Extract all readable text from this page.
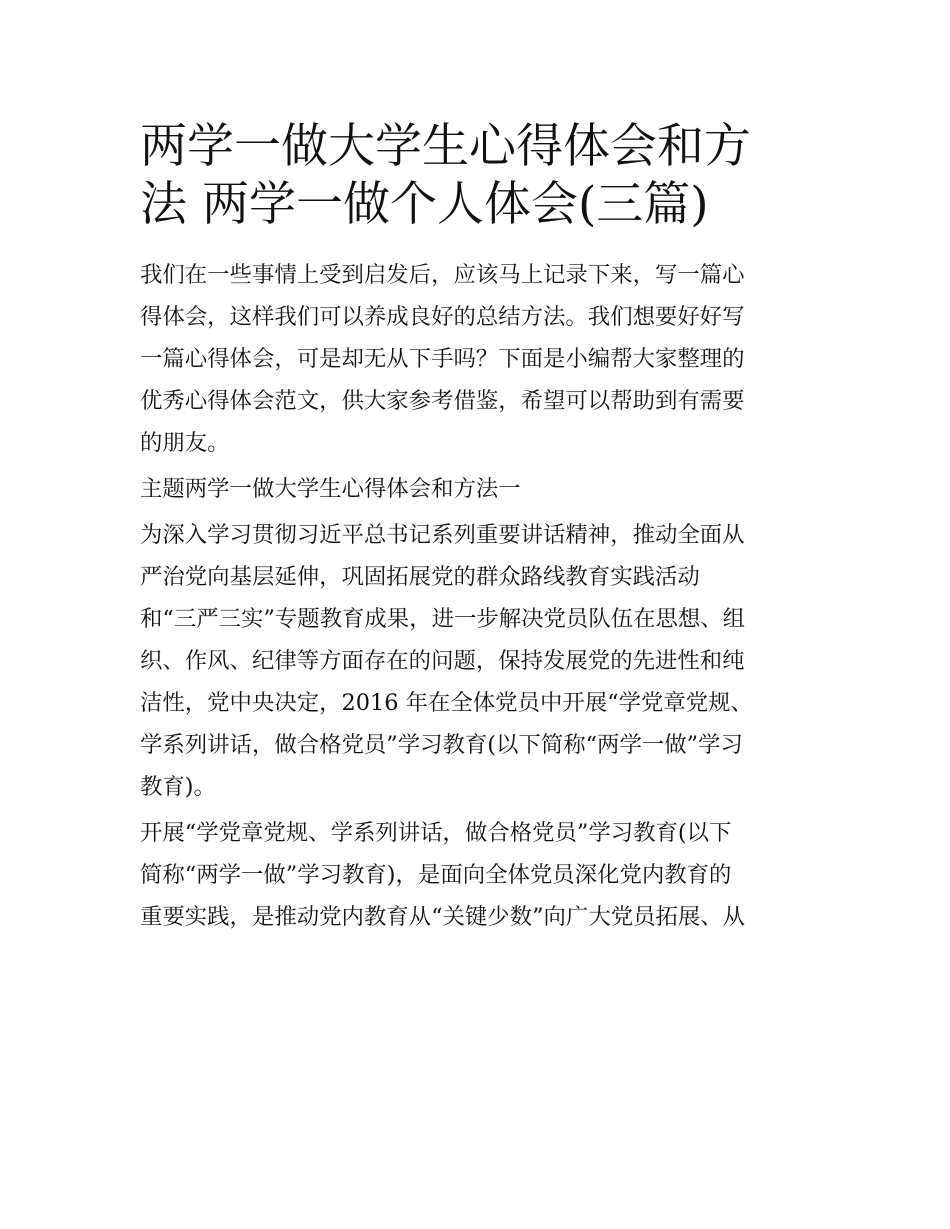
两学一做大学生心得体会和方
法 两学一做个人体会(三篇)
我们在一些事情上受到启发后，应该马上记录下来，写一篇心
得体会，这样我们可以养成良好的总结方法。我们想要好好写
一篇心得体会，可是却无从下手吗？下面是小编帮大家整理的
优秀心得体会范文，供大家参考借鉴，希望可以帮助到有需要
的朋友。
主题两学一做大学生心得体会和方法一
为深入学习贯彻习近平总书记系列重要讲话精神，推动全面从
严治党向基层延伸，巩固拓展党的群众路线教育实践活动
和“三严三实”专题教育成果，进一步解决党员队伍在思想、组
织、作风、纪律等方面存在的问题，保持发展党的先进性和纯
洁性，党中央决定，2016 年在全体党员中开展“学党章党规、
学系列讲话，做合格党员”学习教育(以下简称“两学一做”学习
教育)。
开展“学党章党规、学系列讲话，做合格党员”学习教育(以下
简称“两学一做”学习教育)，是面向全体党员深化党内教育的
重要实践，是推动党内教育从“关键少数”向广大党员拓展、从
